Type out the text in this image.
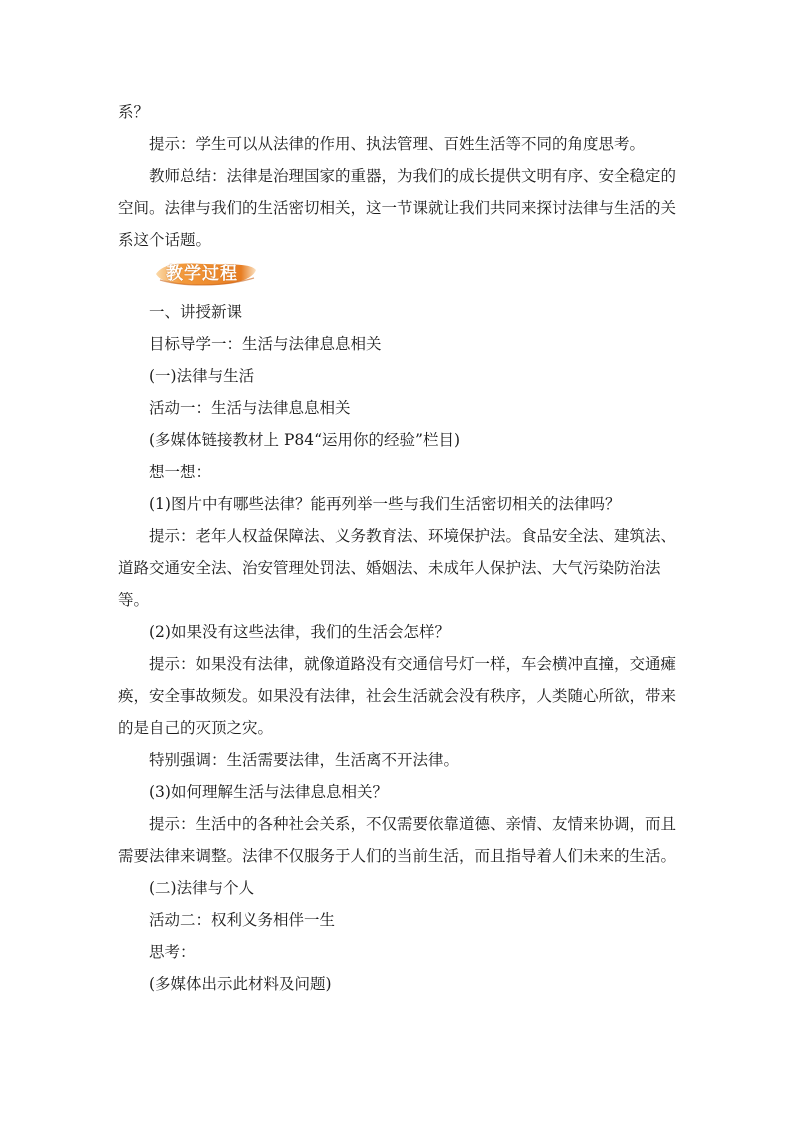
系？

提示：学生可以从法律的作用、执法管理、百姓生活等不同的角度思考。

教师总结：法律是治理国家的重器，为我们的成长提供文明有序、安全稳定的空间。法律与我们的生活密切相关，这一节课就让我们共同来探讨法律与生活的关系这个话题。

教学过程

一、讲授新课

目标导学一：生活与法律息息相关

(一)法律与生活

活动一：生活与法律息息相关

(多媒体链接教材上 P84“运用你的经验”栏目)

想一想：

(1)图片中有哪些法律？能再列举一些与我们生活密切相关的法律吗？

提示：老年人权益保障法、义务教育法、环境保护法。食品安全法、建筑法、道路交通安全法、治安管理处罚法、婚姻法、未成年人保护法、大气污染防治法等。

(2)如果没有这些法律，我们的生活会怎样？

提示：如果没有法律，就像道路没有交通信号灯一样，车会横冲直撞，交通瘫痪，安全事故频发。如果没有法律，社会生活就会没有秩序，人类随心所欲，带来的是自己的灭顶之灾。

特别强调：生活需要法律，生活离不开法律。

(3)如何理解生活与法律息息相关？

提示：生活中的各种社会关系，不仅需要依靠道德、亲情、友情来协调，而且需要法律来调整。法律不仅服务于人们的当前生活，而且指导着人们未来的生活。

(二)法律与个人

活动二：权利义务相伴一生

思考：

(多媒体出示此材料及问题)
